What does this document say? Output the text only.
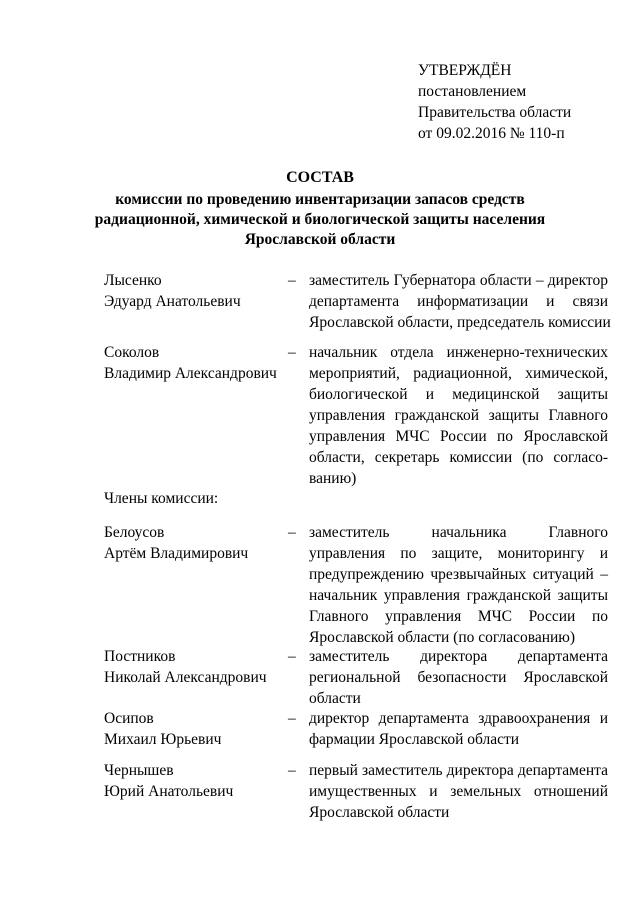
УТВЕРЖДЁН
постановлением
Правительства области
от 09.02.2016 № 110-п
СОСТАВ
комиссии по проведению инвентаризации запасов средств
радиационной, химической и биологической защиты населения
Ярославской области
Лысенко
Эдуард Анатольевич
– заместитель Губернатора области – директор
департамента информатизации и связи
Ярославской области, председатель комиссии
Соколов
Владимир Александрович
– начальник отдела инженерно-технических
мероприятий, радиационной, химической,
биологической и медицинской защиты
управления гражданской защиты Главного
управления МЧС России по Ярославской
области, секретарь комиссии (по согласо-
ванию)
Члены комиссии:
Белоусов
Артём Владимирович
– заместитель начальника Главного
управления по защите, мониторингу и
предупреждению чрезвычайных ситуаций –
начальник управления гражданской защиты
Главного управления МЧС России по
Ярославской области (по согласованию)
Постников
Николай Александрович
– заместитель директора департамента
региональной безопасности Ярославской
области
Осипов
Михаил Юрьевич
– директор департамента здравоохранения и
фармации Ярославской области
Чернышев
Юрий Анатольевич
– первый заместитель директора департамента
имущественных и земельных отношений
Ярославской области
